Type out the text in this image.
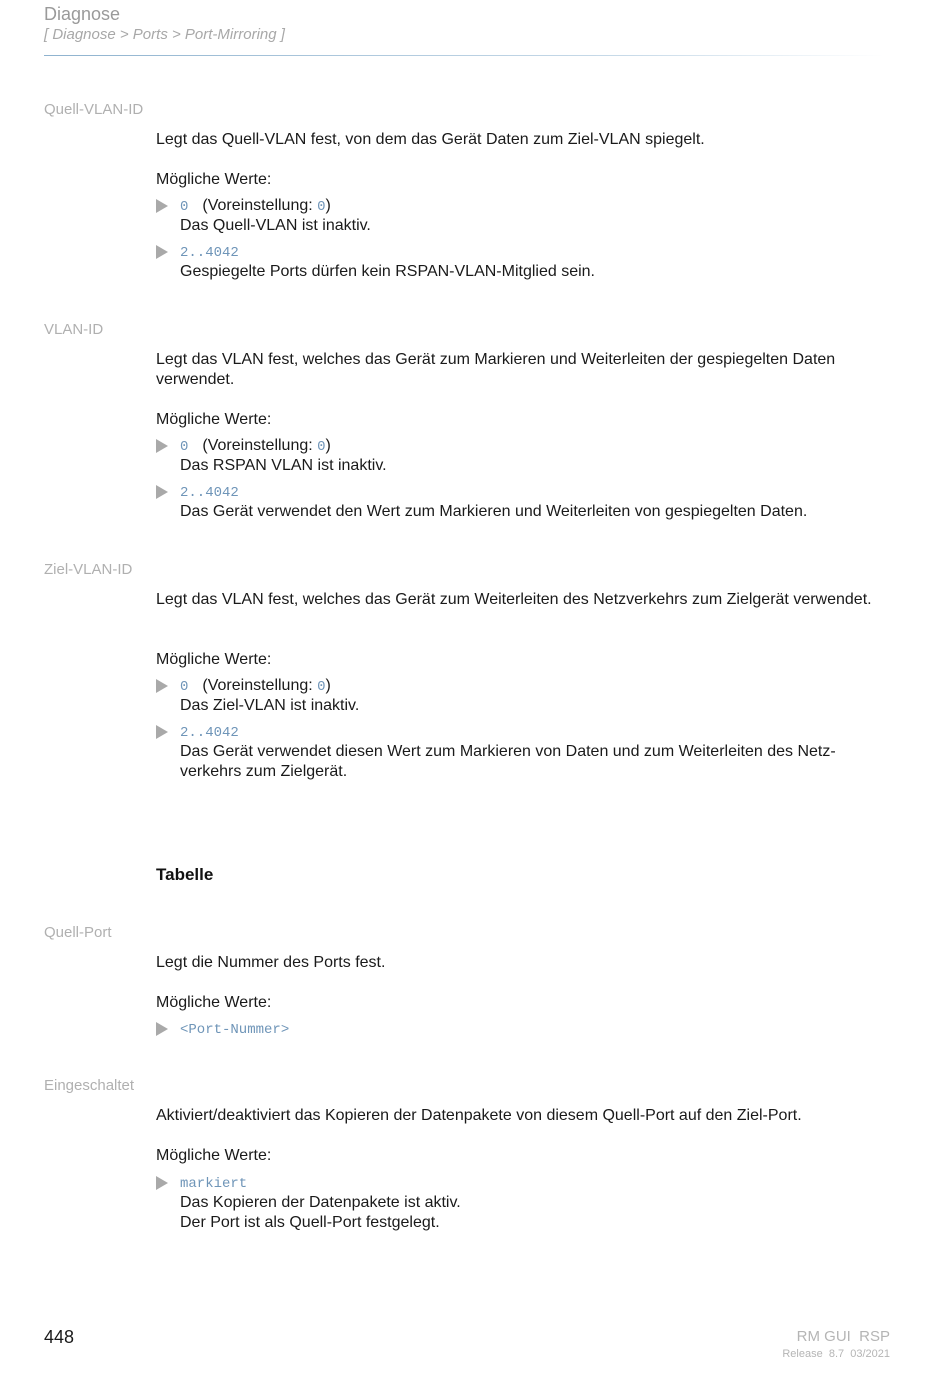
Diagnose
[ Diagnose > Ports > Port-Mirroring ]
Quell-VLAN-ID
Legt das Quell-VLAN fest, von dem das Gerät Daten zum Ziel-VLAN spiegelt.
Mögliche Werte:
0 (Voreinstellung: 0)
Das Quell-VLAN ist inaktiv.
2..4042
Gespiegelte Ports dürfen kein RSPAN-VLAN-Mitglied sein.
VLAN-ID
Legt das VLAN fest, welches das Gerät zum Markieren und Weiterleiten der gespiegelten Daten verwendet.
Mögliche Werte:
0 (Voreinstellung: 0)
Das RSPAN VLAN ist inaktiv.
2..4042
Das Gerät verwendet den Wert zum Markieren und Weiterleiten von gespiegelten Daten.
Ziel-VLAN-ID
Legt das VLAN fest, welches das Gerät zum Weiterleiten des Netzverkehrs zum Zielgerät verwendet.
Mögliche Werte:
0 (Voreinstellung: 0)
Das Ziel-VLAN ist inaktiv.
2..4042
Das Gerät verwendet diesen Wert zum Markieren von Daten und zum Weiterleiten des Netz-verkehrs zum Zielgerät.
Tabelle
Quell-Port
Legt die Nummer des Ports fest.
Mögliche Werte:
<Port-Nummer>
Eingeschaltet
Aktiviert/deaktiviert das Kopieren der Datenpakete von diesem Quell-Port auf den Ziel-Port.
Mögliche Werte:
markiert
Das Kopieren der Datenpakete ist aktiv.
Der Port ist als Quell-Port festgelegt.
448	RM GUI  RSP
Release  8.7  03/2021
